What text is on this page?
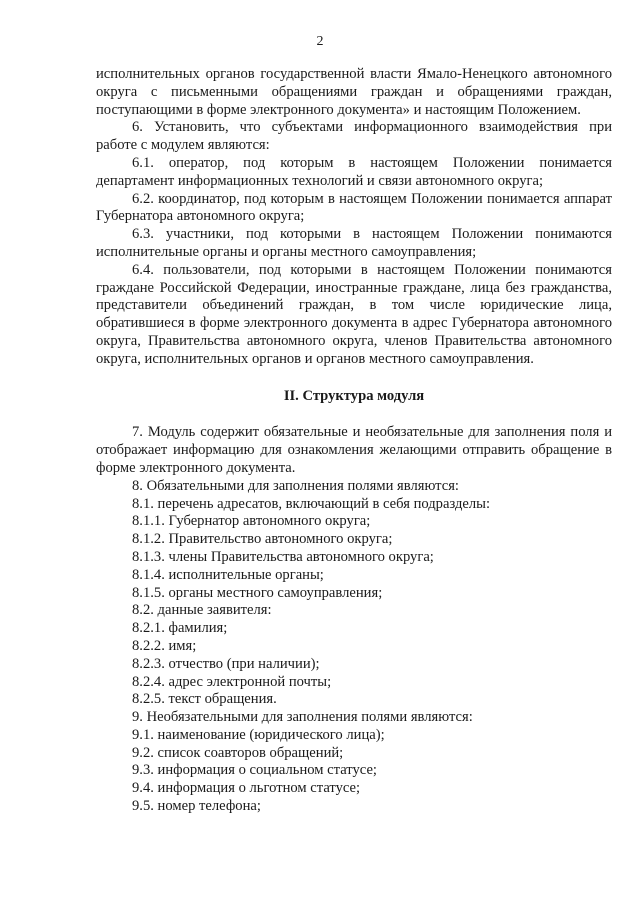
2

исполнительных органов государственной власти Ямало-Ненецкого автономного округа с письменными обращениями граждан и обращениями граждан, поступающими в форме электронного документа» и настоящим Положением.

6. Установить, что субъектами информационного взаимодействия при работе с модулем являются:

6.1. оператор, под которым в настоящем Положении понимается департамент информационных технологий и связи автономного округа;

6.2. координатор, под которым в настоящем Положении понимается аппарат Губернатора автономного округа;

6.3. участники, под которыми в настоящем Положении понимаются исполнительные органы и органы местного самоуправления;

6.4. пользователи, под которыми в настоящем Положении понимаются граждане Российской Федерации, иностранные граждане, лица без гражданства, представители объединений граждан, в том числе юридические лица, обратившиеся в форме электронного документа в адрес Губернатора автономного округа, Правительства автономного округа, членов Правительства автономного округа, исполнительных органов и органов местного самоуправления.

II. Структура модуля

7. Модуль содержит обязательные и необязательные для заполнения поля и отображает информацию для ознакомления желающими отправить обращение в форме электронного документа.

8. Обязательными для заполнения полями являются:

8.1. перечень адресатов, включающий в себя подразделы:

8.1.1. Губернатор автономного округа;

8.1.2. Правительство автономного округа;

8.1.3. члены Правительства автономного округа;

8.1.4. исполнительные органы;

8.1.5. органы местного самоуправления;

8.2. данные заявителя:

8.2.1. фамилия;

8.2.2. имя;

8.2.3. отчество (при наличии);

8.2.4. адрес электронной почты;

8.2.5. текст обращения.

9. Необязательными для заполнения полями являются:

9.1. наименование (юридического лица);

9.2. список соавторов обращений;

9.3. информация о социальном статусе;

9.4. информация о льготном статусе;

9.5. номер телефона;
